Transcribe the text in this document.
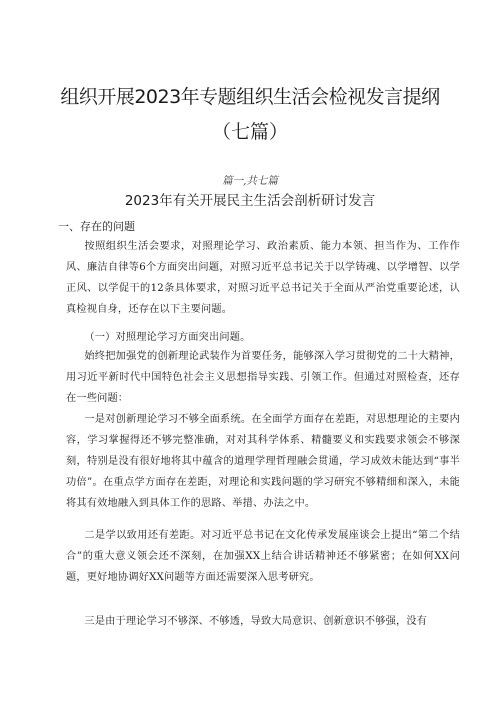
组织开展2023年专题组织生活会检视发言提纲
（七篇）
篇一,共七篇
2023年有关开展民主生活会剖析研讨发言
一、存在的问题

按照组织生活会要求，对照理论学习、政治素质、能力本领、担当作为、工作作风、廉洁自律等6个方面突出问题，对照习近平总书记关于以学铸魂、以学增智、以学正风、以学促干的12条具体要求，对照习近平总书记关于全面从严治党重要论述，认真检视自身，还存在以下主要问题。

（一）对照理论学习方面突出问题。

始终把加强党的创新理论武装作为首要任务，能够深入学习贯彻党的二十大精神，用习近平新时代中国特色社会主义思想指导实践、引领工作。但通过对照检查，还存在一些问题：

一是对创新理论学习不够全面系统。在全面学方面存在差距，对思想理论的主要内容，学习掌握得还不够完整准确，对对其科学体系、精髓要义和实践要求领会不够深刻，特别是没有很好地将其中蕴含的道理学理哲理融会贯通，学习成效未能达到“事半功倍”。在重点学方面存在差距，对理论和实践问题的学习研究不够精细和深入，未能将其有效地融入到具体工作的思路、举措、办法之中。

二是学以致用还有差距。对习近平总书记在文化传承发展座谈会上提出“第二个结合”的重大意义领会还不深刻，在加强XX上结合讲话精神还不够紧密；在如何XX问题，更好地协调好XX问题等方面还需要深入思考研究。

三是由于理论学习不够深、不够透，导致大局意识、创新意识不够强，没有
